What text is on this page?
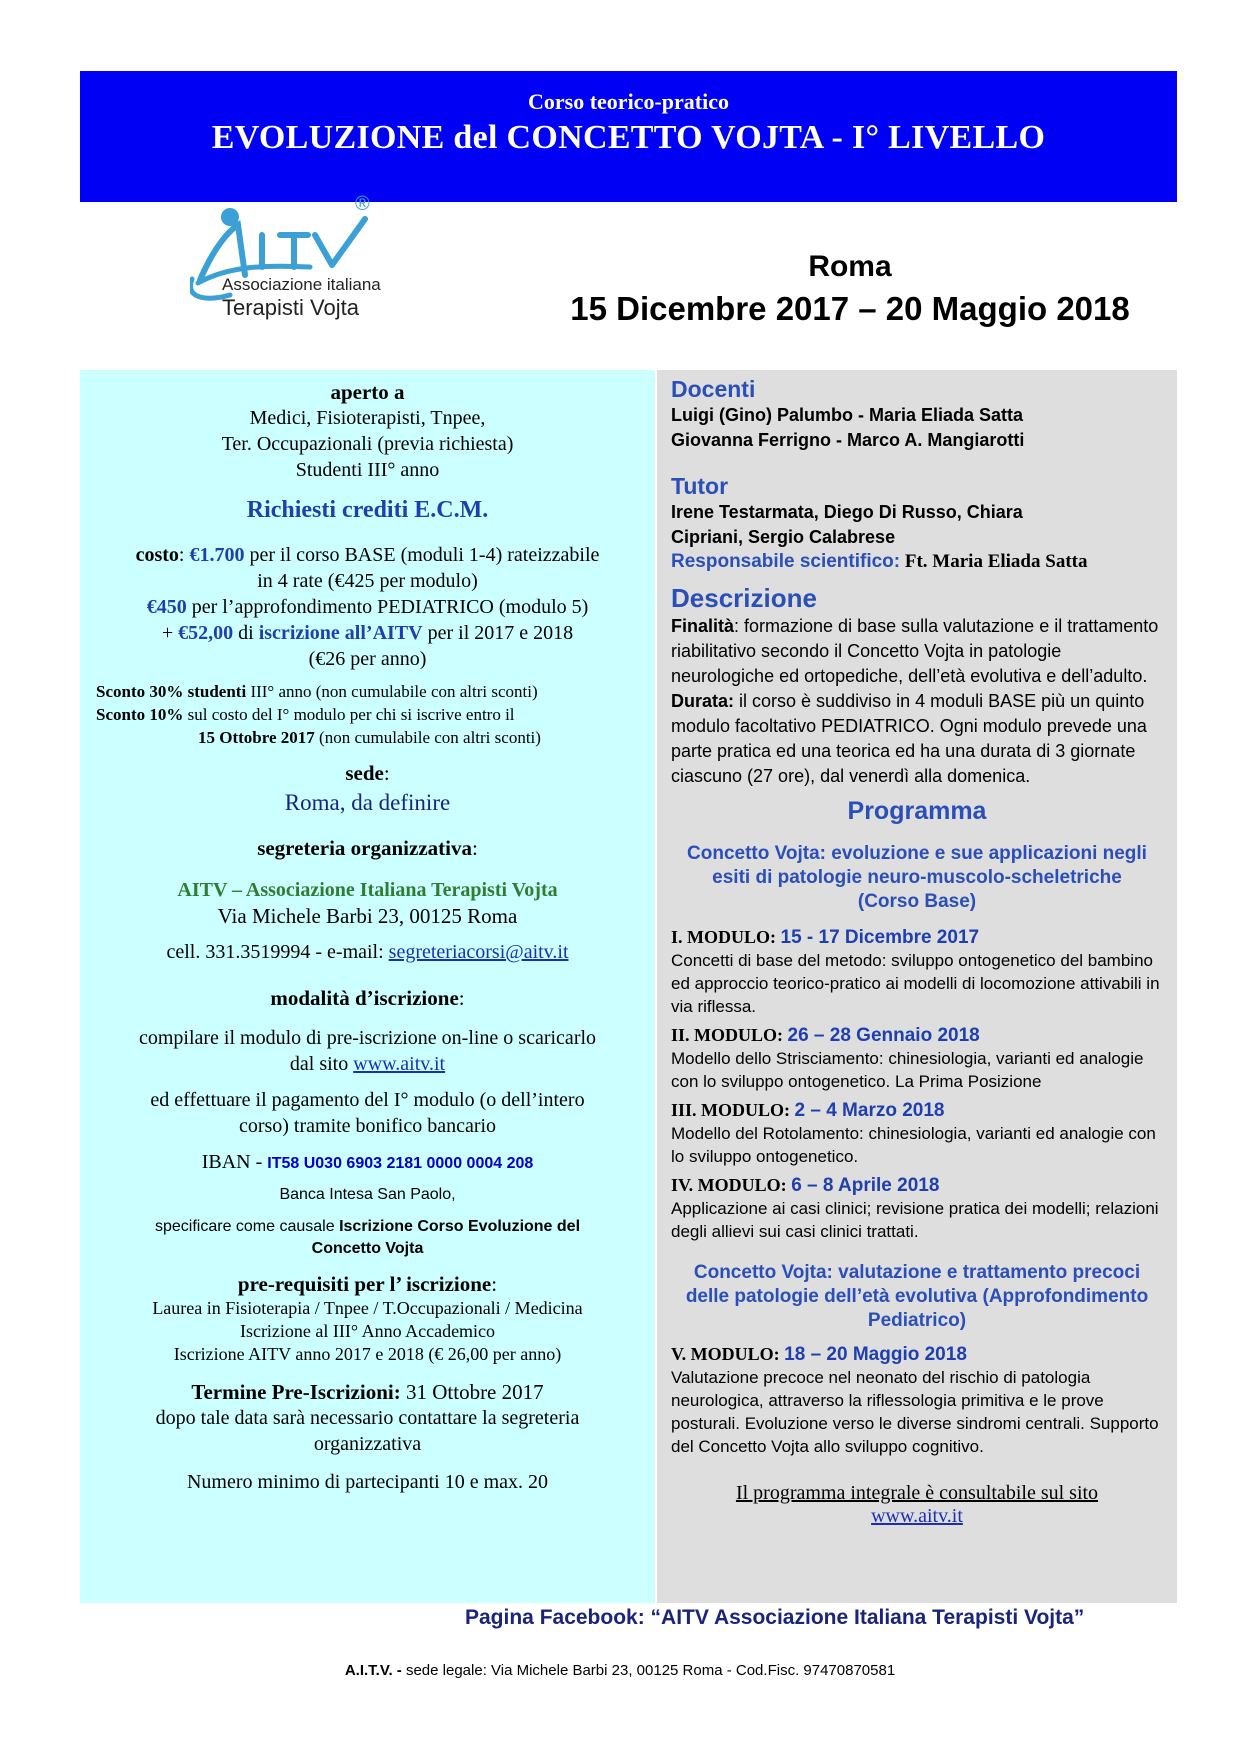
Corso teorico-pratico
EVOLUZIONE del CONCETTO VOJTA - I° LIVELLO
®
Associazione italiana
Terapisti Vojta
Roma
15 Dicembre 2017 – 20 Maggio 2018
aperto a
Medici, Fisioterapisti, Tnpee,
Ter. Occupazionali (previa richiesta)
Studenti III° anno
Richiesti crediti E.C.M.
costo: €1.700 per il corso BASE (moduli 1-4) rateizzabile
in 4 rate (€425 per modulo)
€450 per l’approfondimento PEDIATRICO (modulo 5)
+ €52,00 di iscrizione all’AITV per il 2017 e 2018
(€26 per anno)
Sconto 30% studenti III° anno (non cumulabile con altri sconti)
Sconto 10% sul costo del I° modulo per chi si iscrive entro il
15 Ottobre 2017 (non cumulabile con altri sconti)
sede:
Roma, da definire
segreteria organizzativa:
AITV – Associazione Italiana Terapisti Vojta
Via Michele Barbi 23, 00125 Roma
cell. 331.3519994 - e-mail: segreteriacorsi@aitv.it
modalità d’iscrizione:
compilare il modulo di pre-iscrizione on-line o scaricarlo
dal sito www.aitv.it
ed effettuare il pagamento del I° modulo (o dell’intero
corso) tramite bonifico bancario
IBAN - IT58 U030 6903 2181 0000 0004 208
Banca Intesa San Paolo,
specificare come causale Iscrizione Corso Evoluzione del
Concetto Vojta
pre-requisiti per l’ iscrizione:
Laurea in Fisioterapia / Tnpee / T.Occupazionali / Medicina
Iscrizione al III° Anno Accademico
Iscrizione AITV anno 2017 e 2018 (€ 26,00 per anno)
Termine Pre-Iscrizioni: 31 Ottobre 2017
dopo tale data sarà necessario contattare la segreteria
organizzativa
Numero minimo di partecipanti 10 e max. 20
Docenti
Luigi (Gino) Palumbo - Maria Eliada Satta
Giovanna Ferrigno - Marco A. Mangiarotti
Tutor
Irene Testarmata, Diego Di Russo, Chiara
Cipriani, Sergio Calabrese
Responsabile scientifico: Ft. Maria Eliada Satta
Descrizione
Finalità: formazione di base sulla valutazione e il trattamento riabilitativo secondo il Concetto Vojta in patologie neurologiche ed ortopediche, dell’età evolutiva e dell’adulto.
Durata: il corso è suddiviso in 4 moduli BASE più un quinto modulo facoltativo PEDIATRICO. Ogni modulo prevede una parte pratica ed una teorica ed ha una durata di 3 giornate ciascuno (27 ore), dal venerdì alla domenica.
Programma
Concetto Vojta: evoluzione e sue applicazioni negli esiti di patologie neuro-muscolo-scheletriche (Corso Base)
I. MODULO: 15 - 17 Dicembre 2017
Concetti di base del metodo: sviluppo ontogenetico del bambino ed approccio teorico-pratico ai modelli di locomozione attivabili in via riflessa.
II. MODULO: 26 – 28 Gennaio 2018
Modello dello Strisciamento: chinesiologia, varianti ed analogie con lo sviluppo ontogenetico. La Prima Posizione
III. MODULO: 2 – 4 Marzo 2018
Modello del Rotolamento: chinesiologia, varianti ed analogie con lo sviluppo ontogenetico.
IV. MODULO: 6 – 8 Aprile 2018
Applicazione ai casi clinici; revisione pratica dei modelli; relazioni degli allievi sui casi clinici trattati.
Concetto Vojta: valutazione e trattamento precoci delle patologie dell’età evolutiva (Approfondimento Pediatrico)
V. MODULO: 18 – 20 Maggio 2018
Valutazione precoce nel neonato del rischio di patologia neurologica, attraverso la riflessologia primitiva e le prove posturali. Evoluzione verso le diverse sindromi centrali. Supporto del Concetto Vojta allo sviluppo cognitivo.
Il programma integrale è consultabile sul sito
www.aitv.it
Pagina Facebook: “AITV Associazione Italiana Terapisti Vojta”
A.I.T.V. - sede legale: Via Michele Barbi 23, 00125 Roma - Cod.Fisc. 97470870581
